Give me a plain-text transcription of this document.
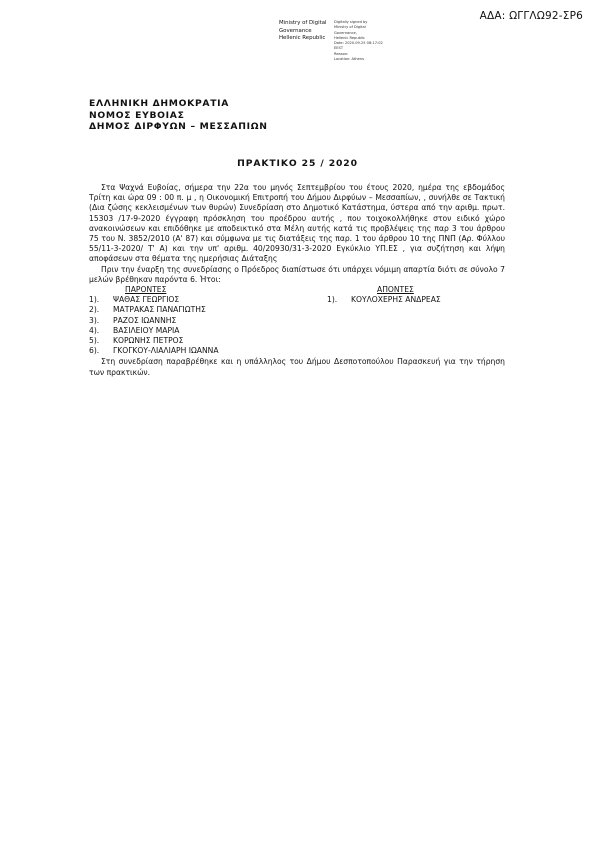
ΑΔΑ: ΩΓΓΛΩ92-ΣΡ6
Ministry of Digital
Governance
Hellenic Republic
Digitally signed by
Ministry of Digital
Governance,
Hellenic Republic
Date: 2020.09.25 08:17:02
EEST
Reason:
Location: Athens
ΕΛΛΗΝΙΚΗ ΔΗΜΟΚΡΑΤΙΑ
ΝΟΜΟΣ ΕΥΒΟΙΑΣ
ΔΗΜΟΣ ΔΙΡΦΥΩΝ – ΜΕΣΣΑΠΙΩΝ
ΠΡΑΚΤΙΚΟ 25 / 2020

Στα Ψαχνά Ευβοίας, σήμερα την 22α του μηνός Σεπτεμβρίου του έτους 2020, ημέρα της εβδομάδος Τρίτη και ώρα 09 : 00 π. μ , η Οικονομική Επιτροπή του Δήμου Διρφύων – Μεσσαπίων, , συνήλθε σε Τακτική (Δια ζώσης κεκλεισμένων των θυρών) Συνεδρίαση στο Δημοτικό Κατάστημα, ύστερα από την αριθμ. πρωτ. 15303 /17-9-2020 έγγραφη πρόσκληση του προέδρου αυτής , που τοιχοκολλήθηκε στον ειδικό χώρο ανακοινώσεων και επιδόθηκε με αποδεικτικό στα Μέλη αυτής κατά τις προβλέψεις της παρ 3 του άρθρου 75 του Ν. 3852/2010 (Α' 87) και σύμφωνα με τις διατάξεις της παρ. 1 του άρθρου 10 της ΠΝΠ (Αρ. Φύλλου 55/11-3-2020/ Τ' Α) και την υπ' αριθμ. 40/20930/31-3-2020 Εγκύκλιο ΥΠ.ΕΣ , για συζήτηση και λήψη αποφάσεων στα θέματα της ημερήσιας Διάταξης

Πριν την έναρξη της συνεδρίασης ο Πρόεδρος διαπίστωσε ότι υπάρχει νόμιμη απαρτία διότι σε σύνολο 7 μελών βρέθηκαν παρόντα 6. Ήτοι:

ΠΑΡΟΝΤΕΣ
1).	ΨΑΘΑΣ ΓΕΩΡΓΙΟΣ
2).	ΜΑΤΡΑΚΑΣ ΠΑΝΑΓΙΩΤΗΣ
3).	ΡΑΖΟΣ ΙΩΑΝΝΗΣ
4).	ΒΑΣΙΛΕΙΟΥ ΜΑΡΙΑ
5).	ΚΟΡΩΝΗΣ ΠΕΤΡΟΣ
6).	ΓΚΟΓΚΟΥ-ΛΙΑΛΙΑΡΗ ΙΩΑΝΝΑ
ΑΠΟΝΤΕΣ
1).	ΚΟΥΛΟΧΕΡΗΣ ΑΝΔΡΕΑΣ

Στη συνεδρίαση παραβρέθηκε και η υπάλληλος του Δήμου Δεσποτοπούλου Παρασκευή για την τήρηση των πρακτικών.
